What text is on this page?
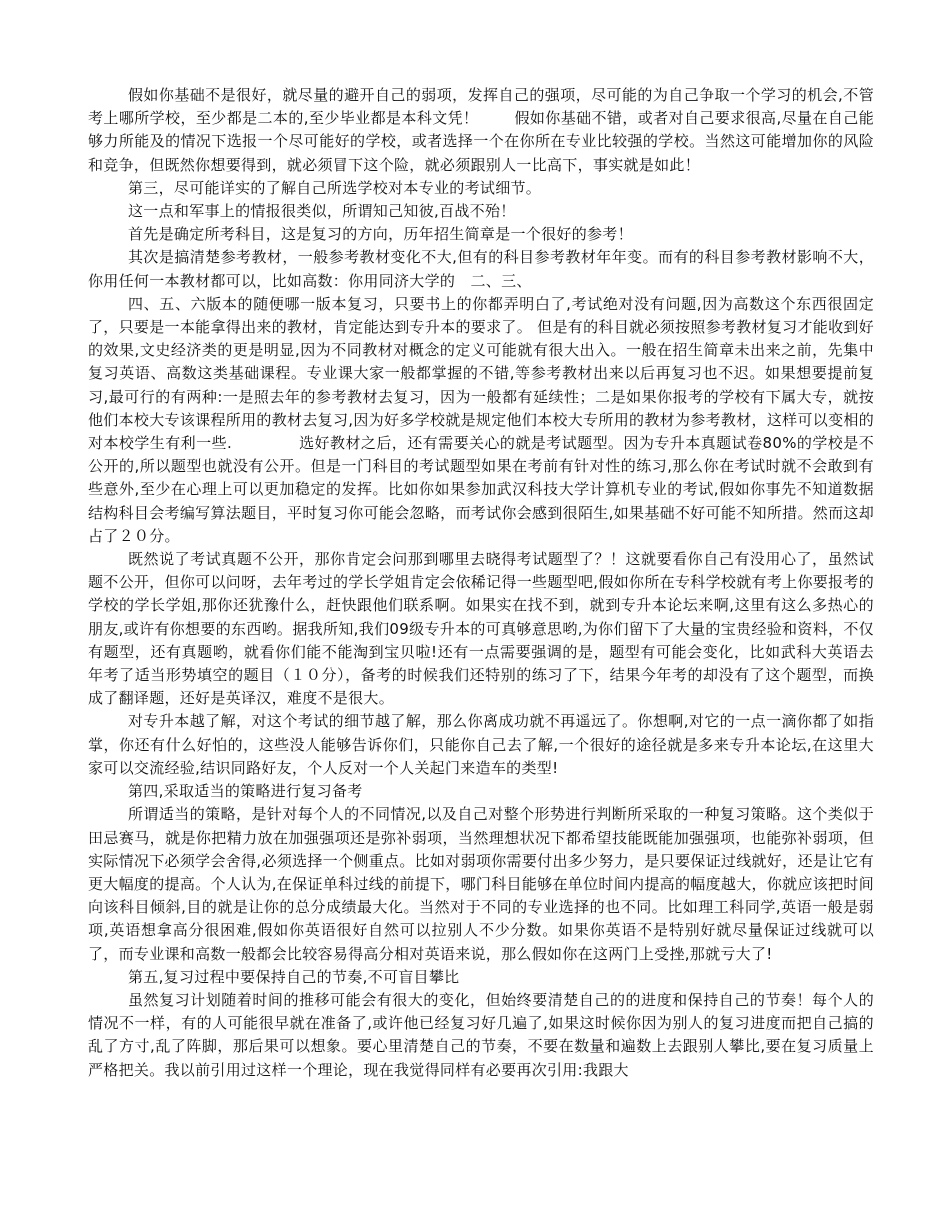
假如你基础不是很好，就尽量的避开自己的弱项，发挥自己的强项，尽可能的为自己争取一个学习的机会,不管考上哪所学校，至少都是二本的,至少毕业都是本科文凭！ 　　假如你基础不错，或者对自己要求很高,尽量在自己能够力所能及的情况下选报一个尽可能好的学校，或者选择一个在你所在专业比较强的学校。当然这可能增加你的风险和竞争，但既然你想要得到，就必须冒下这个险，就必须跟别人一比高下，事实就是如此！

第三，尽可能详实的了解自己所选学校对本专业的考试细节。

这一点和军事上的情报很类似，所谓知己知彼,百战不殆！

首先是确定所考科目，这是复习的方向，历年招生简章是一个很好的参考！

其次是搞清楚参考教材，一般参考教材变化不大,但有的科目参考教材年年变。而有的科目参考教材影响不大，你用任何一本教材都可以，比如高数：你用同济大学的　二、三、

四、五、六版本的随便哪一版本复习，只要书上的你都弄明白了,考试绝对没有问题,因为高数这个东西很固定了，只要是一本能拿得出来的教材，肯定能达到专升本的要求了。 但是有的科目就必须按照参考教材复习才能收到好的效果,文史经济类的更是明显,因为不同教材对概念的定义可能就有很大出入。一般在招生简章未出来之前，先集中复习英语、高数这类基础课程。专业课大家一般都掌握的不错,等参考教材出来以后再复习也不迟。如果想要提前复习,最可行的有两种:一是照去年的参考教材去复习，因为一般都有延续性；二是如果你报考的学校有下属大专，就按他们本校大专该课程所用的教材去复习,因为好多学校就是规定他们本校大专所用的教材为参考教材，这样可以变相的对本校学生有利一些. 　　　　选好教材之后，还有需要关心的就是考试题型。因为专升本真题试卷80%的学校是不公开的,所以题型也就没有公开。但是一门科目的考试题型如果在考前有针对性的练习,那么你在考试时就不会敢到有些意外,至少在心理上可以更加稳定的发挥。比如你如果参加武汉科技大学计算机专业的考试,假如你事先不知道数据结构科目会考编写算法题目，平时复习你可能会忽略，而考试你会感到很陌生,如果基础不好可能不知所措。然而这却占了２０分。

既然说了考试真题不公开，那你肯定会问那到哪里去晓得考试题型了？！这就要看你自己有没用心了，虽然试题不公开，但你可以问呀，去年考过的学长学姐肯定会依稀记得一些题型吧,假如你所在专科学校就有考上你要报考的学校的学长学姐,那你还犹豫什么，赶快跟他们联系啊。如果实在找不到，就到专升本论坛来啊,这里有这么多热心的朋友,或许有你想要的东西哟。据我所知,我们09级专升本的可真够意思哟,为你们留下了大量的宝贵经验和资料，不仅有题型，还有真题哟，就看你们能不能淘到宝贝啦!还有一点需要强调的是，题型有可能会变化，比如武科大英语去年考了适当形势填空的题目（１０分），备考的时候我们还特别的练习了下，结果今年考的却没有了这个题型，而换成了翻译题，还好是英译汉，难度不是很大。

对专升本越了解，对这个考试的细节越了解，那么你离成功就不再遥远了。你想啊,对它的一点一滴你都了如指掌，你还有什么好怕的，这些没人能够告诉你们，只能你自己去了解,一个很好的途径就是多来专升本论坛,在这里大家可以交流经验,结识同路好友，个人反对一个人关起门来造车的类型!

第四,采取适当的策略进行复习备考

所谓适当的策略，是针对每个人的不同情况,以及自己对整个形势进行判断所采取的一种复习策略。这个类似于田忌赛马，就是你把精力放在加强强项还是弥补弱项，当然理想状况下都希望技能既能加强强项，也能弥补弱项，但实际情况下必须学会舍得,必须选择一个侧重点。比如对弱项你需要付出多少努力，是只要保证过线就好，还是让它有更大幅度的提高。个人认为,在保证单科过线的前提下，哪门科目能够在单位时间内提高的幅度越大，你就应该把时间向该科目倾斜,目的就是让你的总分成绩最大化。当然对于不同的专业选择的也不同。比如理工科同学,英语一般是弱项,英语想拿高分很困难,假如你英语很好自然可以拉别人不少分数。如果你英语不是特别好就尽量保证过线就可以了，而专业课和高数一般都会比较容易得高分相对英语来说，那么假如你在这两门上受挫,那就亏大了!

第五,复习过程中要保持自己的节奏,不可盲目攀比

虽然复习计划随着时间的推移可能会有很大的变化，但始终要清楚自己的的进度和保持自己的节奏！每个人的情况不一样，有的人可能很早就在准备了,或许他已经复习好几遍了,如果这时候你因为别人的复习进度而把自己搞的乱了方寸,乱了阵脚，那后果可以想象。要心里清楚自己的节奏，不要在数量和遍数上去跟别人攀比,要在复习质量上严格把关。我以前引用过这样一个理论，现在我觉得同样有必要再次引用:我跟大
